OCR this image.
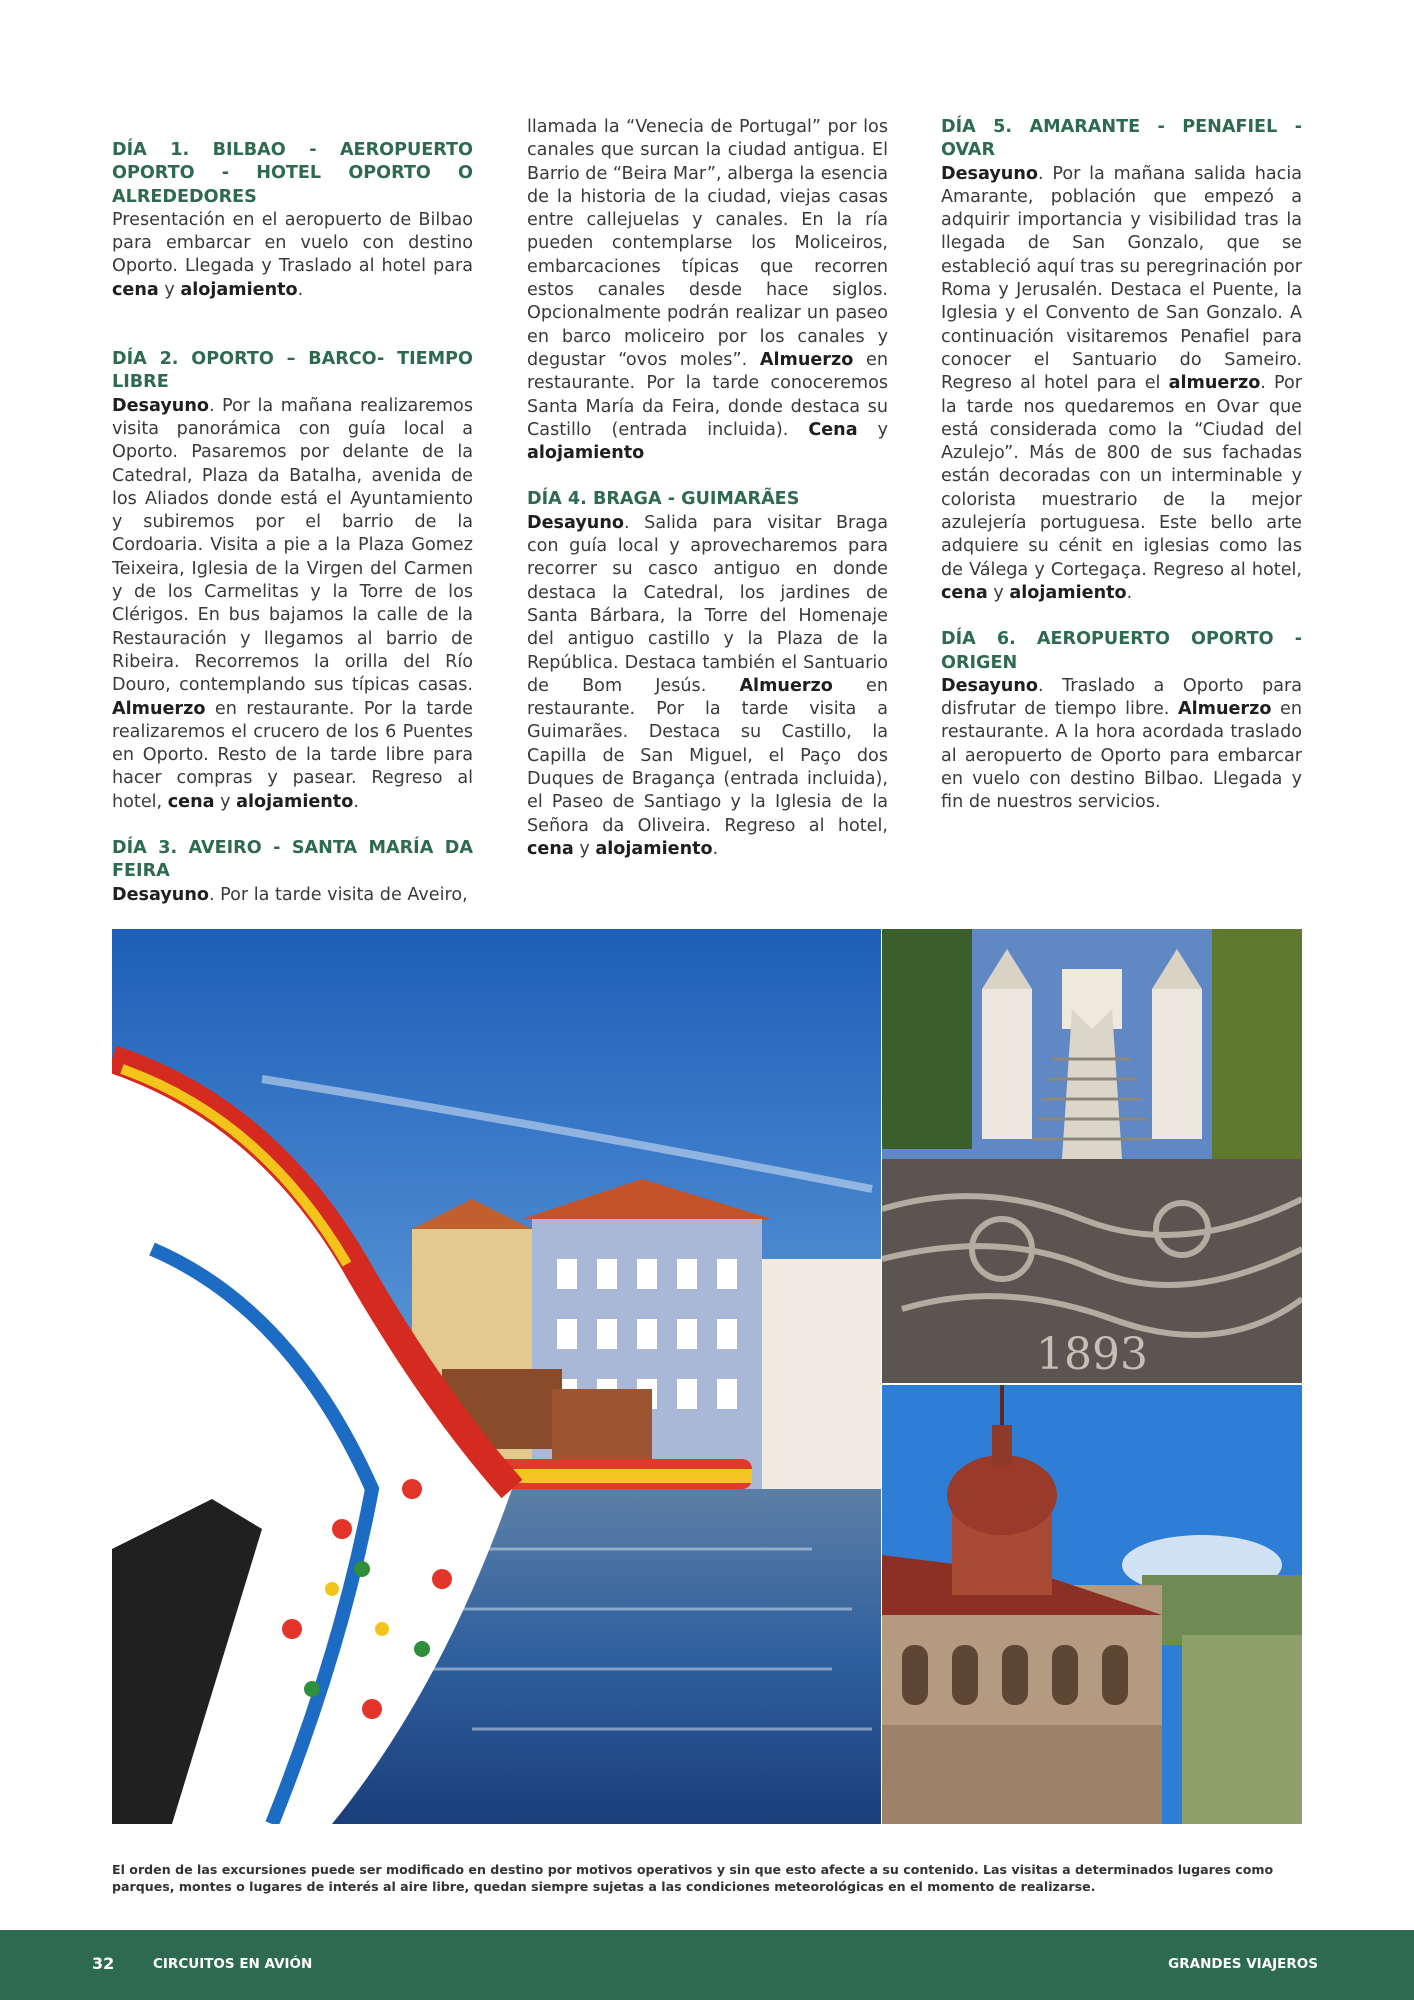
DÍA 1. BILBAO - AEROPUERTO OPORTO - HOTEL OPORTO O ALREDEDORES
Presentación en el aeropuerto de Bilbao para embarcar en vuelo con destino Oporto. Llegada y Traslado al hotel para cena y alojamiento.

DÍA 2. OPORTO – BARCO- TIEMPO LIBRE

Desayuno. Por la mañana realizaremos visita panorámica con guía local a Oporto. Pasaremos por delante de la Catedral, Plaza da Batalha, avenida de los Aliados donde está el Ayuntamiento y subiremos por el barrio de la Cordoaria. Visita a pie a la Plaza Gomez Teixeira, Iglesia de la Virgen del Carmen y de los Carmelitas y la Torre de los Clérigos. En bus bajamos la calle de la Restauración y llegamos al barrio de Ribeira. Recorremos la orilla del Río Douro, contemplando sus típicas casas. Almuerzo en restaurante. Por la tarde realizaremos el crucero de los 6 Puentes en Oporto. Resto de la tarde libre para hacer compras y pasear. Regreso al hotel, cena y alojamiento.

DÍA 3. AVEIRO - SANTA MARÍA DA FEIRA
Desayuno. Por la tarde visita de Aveiro,

llamada la “Venecia de Portugal” por los canales que surcan la ciudad antigua. El Barrio de “Beira Mar”, alberga la esencia de la historia de la ciudad, viejas casas entre callejuelas y canales. En la ría pueden contemplarse los Moliceiros, embarcaciones típicas que recorren estos canales desde hace siglos. Opcionalmente podrán realizar un paseo en barco moliceiro por los canales y degustar “ovos moles”. Almuerzo en restaurante. Por la tarde conoceremos Santa María da Feira, donde destaca su Castillo (entrada incluida). Cena y alojamiento

DÍA 4. BRAGA - GUIMARÃES

Desayuno. Salida para visitar Braga con guía local y aprovecharemos para recorrer su casco antiguo en donde destaca la Catedral, los jardines de Santa Bárbara, la Torre del Homenaje del antiguo castillo y la Plaza de la República. Destaca también el Santuario de Bom Jesús. Almuerzo en restaurante. Por la tarde visita a Guimarães. Destaca su Castillo, la Capilla de San Miguel, el Paço dos Duques de Bragança (entrada incluida), el Paseo de Santiago y la Iglesia de la Señora da Oliveira. Regreso al hotel, cena y alojamiento.

DÍA 5. AMARANTE - PENAFIEL - OVAR

Desayuno. Por la mañana salida hacia Amarante, población que empezó a adquirir importancia y visibilidad tras la llegada de San Gonzalo, que se estableció aquí tras su peregrinación por Roma y Jerusalén. Destaca el Puente, la Iglesia y el Convento de San Gonzalo. A continuación visitaremos Penafiel para conocer el Santuario do Sameiro. Regreso al hotel para el almuerzo. Por la tarde nos quedaremos en Ovar que está considerada como la “Ciudad del Azulejo”. Más de 800 de sus fachadas están decoradas con un interminable y colorista muestrario de la mejor azulejería portuguesa. Este bello arte adquiere su cénit en iglesias como las de Válega y Cortegaça. Regreso al hotel, cena y alojamiento.

DÍA 6. AEROPUERTO OPORTO - ORIGEN

Desayuno. Traslado a Oporto para disfrutar de tiempo libre. Almuerzo en restaurante. A la hora acordada traslado al aeropuerto de Oporto para embarcar en vuelo con destino Bilbao. Llegada y fin de nuestros servicios.

1893
El orden de las excursiones puede ser modificado en destino por motivos operativos y sin que esto afecte a su contenido. Las visitas a determinados lugares como parques, montes o lugares de interés al aire libre, quedan siempre sujetas a las condiciones meteorológicas en el momento de realizarse.
32	CIRCUITOS EN AVIÓN	GRANDES VIAJEROS
